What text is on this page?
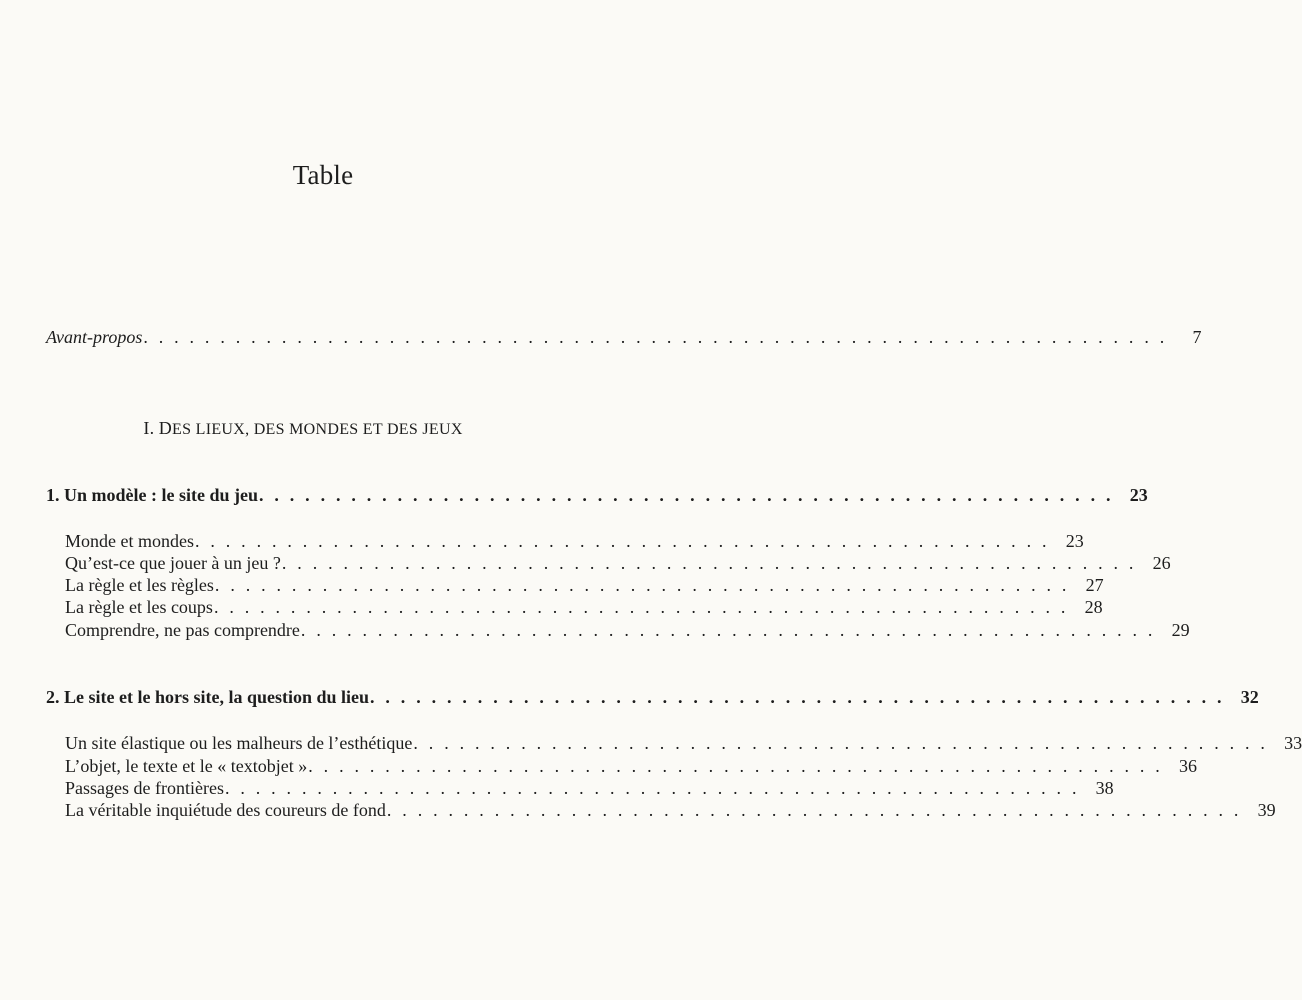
Table
Avant-propos . . . . . . . . . . . . . . . . . . . . . . . . . . . . . . . . . . . . . . . . . . . . . . . . . . . . . . . . . . . . . . . . . . .	7
I. DES LIEUX, DES MONDES ET DES JEUX
1. Un modèle : le site du jeu . . . . . . . . . . . . . . . . . . . . . . . . . . . . . . . . . . . . . . . . . . . . . . . . . . . . . . . . 23
Monde et mondes . . . . . . . . . . . . . . . . . . . . . . . . . . . . . . . . . . . . . . . . . . . . . . . . . . . . . . . . 23
Qu’est-ce que jouer à un jeu ? . . . . . . . . . . . . . . . . . . . . . . . . . . . . . . . . . . . . . . . . . . . . . . . . . . . . . . . . 26
La règle et les règles . . . . . . . . . . . . . . . . . . . . . . . . . . . . . . . . . . . . . . . . . . . . . . . . . . . . . . . . 27
La règle et les coups . . . . . . . . . . . . . . . . . . . . . . . . . . . . . . . . . . . . . . . . . . . . . . . . . . . . . . . . 28
Comprendre, ne pas comprendre . . . . . . . . . . . . . . . . . . . . . . . . . . . . . . . . . . . . . . . . . . . . . . . . . . . . . . . . 29
2. Le site et le hors site, la question du lieu . . . . . . . . . . . . . . . . . . . . . . . . . . . . . . . . . . . . . . . . . . . . . . . . . . . . . . . . 32
Un site élastique ou les malheurs de l’esthétique . . . . . . . . . . . . . . . . . . . . . . . . . . . . . . . . . . . . . . . . . . . . . . . . . . . . . . . . 33
L’objet, le texte et le « textobjet » . . . . . . . . . . . . . . . . . . . . . . . . . . . . . . . . . . . . . . . . . . . . . . . . . . . . . . . . 36
Passages de frontières . . . . . . . . . . . . . . . . . . . . . . . . . . . . . . . . . . . . . . . . . . . . . . . . . . . . . . . . 38
La véritable inquiétude des coureurs de fond . . . . . . . . . . . . . . . . . . . . . . . . . . . . . . . . . . . . . . . . . . . . . . . . . . . . . . . . 39
